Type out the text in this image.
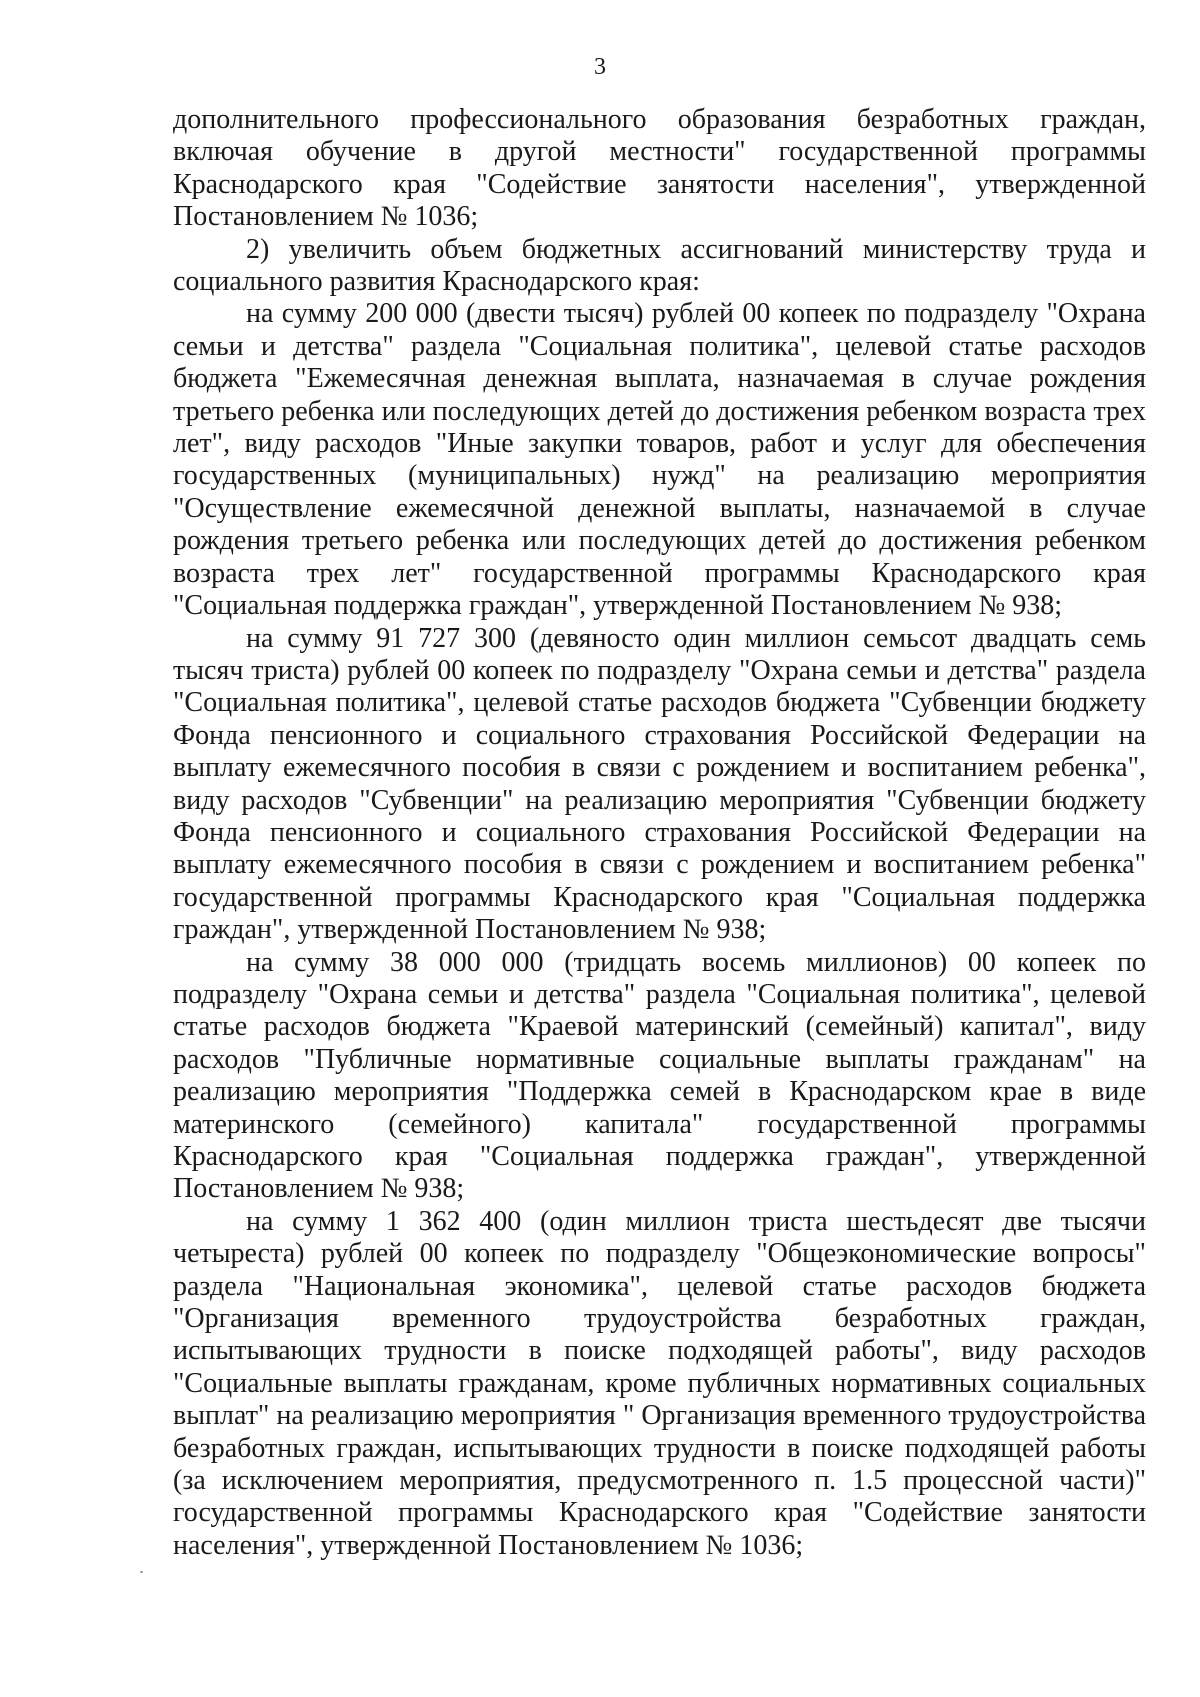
3

дополнительного профессионального образования безработных граждан, включая обучение в другой местности" государственной программы Краснодарского края "Содействие занятости населения", утвержденной Постановлением № 1036;

2) увеличить объем бюджетных ассигнований министерству труда и социального развития Краснодарского края:

на сумму 200 000 (двести тысяч) рублей 00 копеек по подразделу "Охрана семьи и детства" раздела "Социальная политика", целевой статье расходов бюджета "Ежемесячная денежная выплата, назначаемая в случае рождения третьего ребенка или последующих детей до достижения ребенком возраста трех лет", виду расходов "Иные закупки товаров, работ и услуг для обеспечения государственных (муниципальных) нужд" на реализацию мероприятия "Осуществление ежемесячной денежной выплаты, назначаемой в случае рождения третьего ребенка или последующих детей до достижения ребенком возраста трех лет" государственной программы Краснодарского края "Социальная поддержка граждан", утвержденной Постановлением № 938;

на сумму 91 727 300 (девяносто один миллион семьсот двадцать семь тысяч триста) рублей 00 копеек по подразделу "Охрана семьи и детства" раздела "Социальная политика", целевой статье расходов бюджета "Субвенции бюджету Фонда пенсионного и социального страхования Российской Федерации на выплату ежемесячного пособия в связи с рождением и воспитанием ребенка", виду расходов "Субвенции" на реализацию мероприятия "Субвенции бюджету Фонда пенсионного и социального страхования Российской Федерации на выплату ежемесячного пособия в связи с рождением и воспитанием ребенка" государственной программы Краснодарского края "Социальная поддержка граждан", утвержденной Постановлением № 938;

на сумму 38 000 000 (тридцать восемь миллионов) 00 копеек по подразделу "Охрана семьи и детства" раздела "Социальная политика", целевой статье расходов бюджета "Краевой материнский (семейный) капитал", виду расходов "Публичные нормативные социальные выплаты гражданам" на реализацию мероприятия "Поддержка семей в Краснодарском крае в виде материнского (семейного) капитала" государственной программы Краснодарского края "Социальная поддержка граждан", утвержденной Постановлением № 938;

на сумму 1 362 400 (один миллион триста шестьдесят две тысячи четыреста) рублей 00 копеек по подразделу "Общеэкономические вопросы" раздела "Национальная экономика", целевой статье расходов бюджета "Организация временного трудоустройства безработных граждан, испытывающих трудности в поиске подходящей работы", виду расходов "Социальные выплаты гражданам, кроме публичных нормативных социальных выплат" на реализацию мероприятия " Организация временного трудоустройства безработных граждан, испытывающих трудности в поиске подходящей работы (за исключением мероприятия, предусмотренного п. 1.5 процессной части)" государственной программы Краснодарского края "Содействие занятости населения", утвержденной Постановлением № 1036;
